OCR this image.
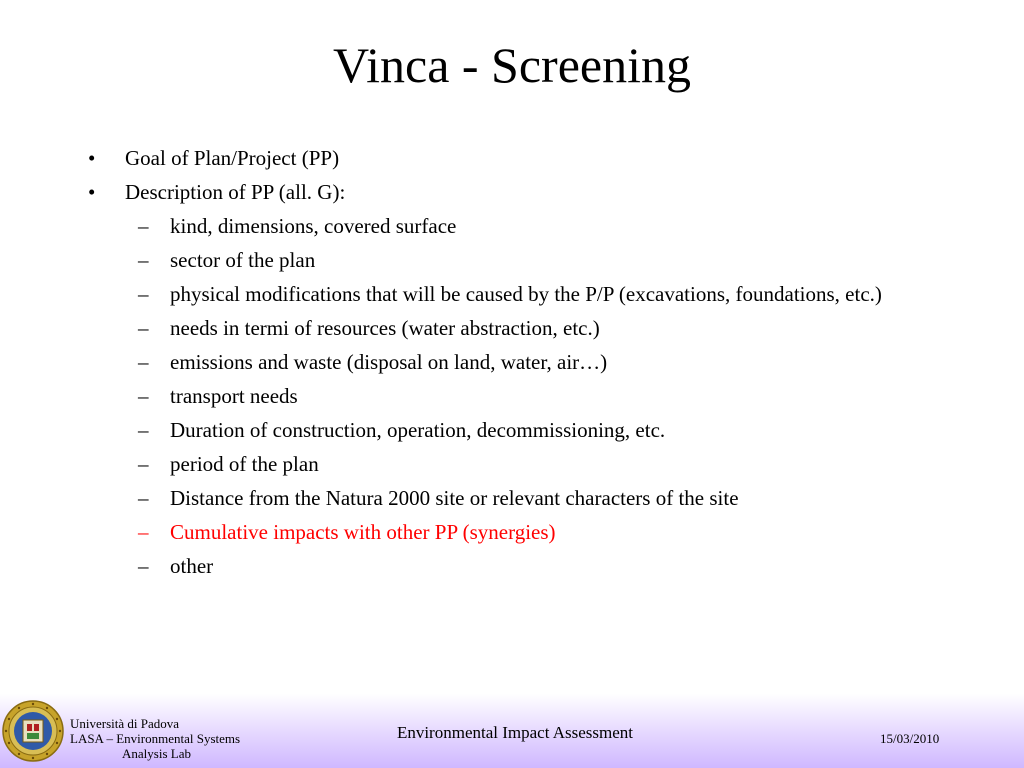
Vinca - Screening
• Goal of Plan/Project (PP)
• Description of PP (all. G):
– kind, dimensions, covered surface
– sector of the plan
– physical modifications that will be caused by the P/P (excavations, foundations, etc.)
– needs in termi of resources (water abstraction, etc.)
– emissions and waste (disposal on land, water, air…)
– transport needs
– Duration of construction, operation, decommissioning, etc.
– period of the plan
– Distance from the Natura 2000 site or relevant characters of the site
– Cumulative impacts with other PP (synergies)
– other
Università di Padova
LASA – Environmental Systems
Analysis Lab
Environmental Impact Assessment	15/03/2010
